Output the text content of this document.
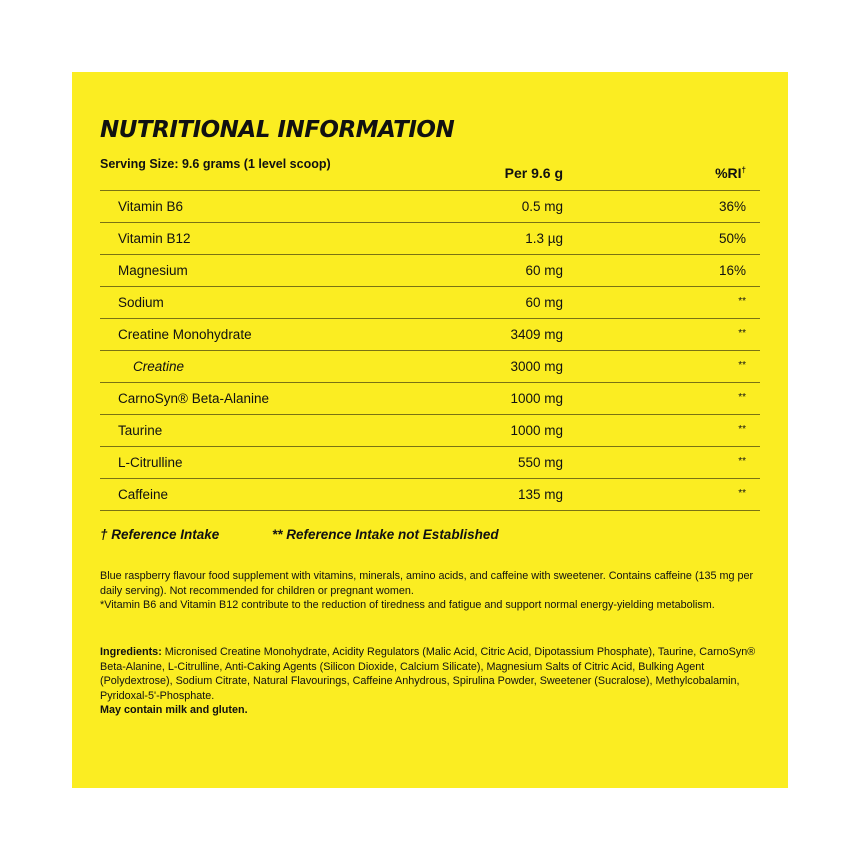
NUTRITIONAL INFORMATION
Serving Size: 9.6 grams (1 level scoop)
Per 9.6 g	%RI†
Vitamin B6	0.5 mg	36%
Vitamin B12	1.3 µg	50%
Magnesium	60 mg	16%
Sodium	60 mg	**
Creatine Monohydrate	3409 mg	**
Creatine	3000 mg	**
CarnoSyn® Beta-Alanine	1000 mg	**
Taurine	1000 mg	**
L-Citrulline	550 mg	**
Caffeine	135 mg	**
† Reference Intake	** Reference Intake not Established

Blue raspberry flavour food supplement with vitamins, minerals, amino acids, and caffeine with sweetener. Contains caffeine (135 mg per daily serving). Not recommended for children or pregnant women.

*Vitamin B6 and Vitamin B12 contribute to the reduction of tiredness and fatigue and support normal energy-yielding metabolism.

Ingredients: Micronised Creatine Monohydrate, Acidity Regulators (Malic Acid, Citric Acid, Dipotassium Phosphate), Taurine, CarnoSyn® Beta-Alanine, L-Citrulline, Anti-Caking Agents (Silicon Dioxide, Calcium Silicate), Magnesium Salts of Citric Acid, Bulking Agent (Polydextrose), Sodium Citrate, Natural Flavourings, Caffeine Anhydrous, Spirulina Powder, Sweetener (Sucralose), Methylcobalamin, Pyridoxal-5'-Phosphate.

May contain milk and gluten.
